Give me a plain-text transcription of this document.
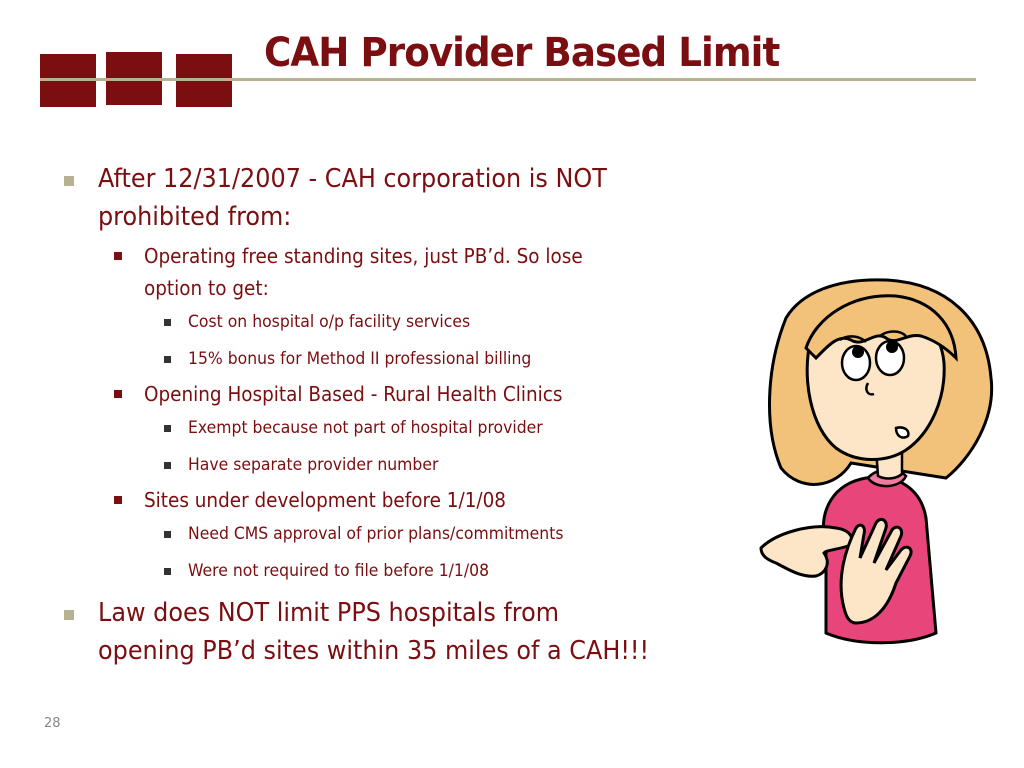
CAH Provider Based Limit
After 12/31/2007 - CAH corporation is NOT
prohibited from:
Operating free standing sites, just PB’d. So lose
option to get:
Cost on hospital o/p facility services
15% bonus for Method II professional billing
Opening Hospital Based - Rural Health Clinics
Exempt because not part of hospital provider
Have separate provider number
Sites under development before 1/1/08
Need CMS approval of prior plans/commitments
Were not required to file before 1/1/08
Law does NOT limit PPS hospitals from
opening PB’d sites within 35 miles of a CAH!!!
28
